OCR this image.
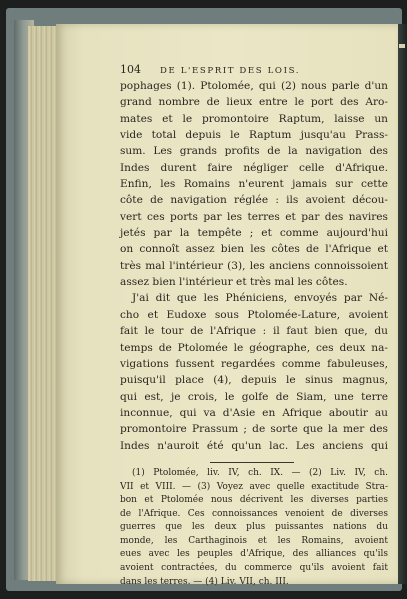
104	DE L'ESPRIT DES LOIS.
pophages (1). Ptolomée, qui (2) nous parle d'un
grand nombre de lieux entre le port des Aro-
mates et le promontoire Raptum, laisse un
vide total depuis le Raptum jusqu'au Prass-
sum. Les grands profits de la navigation des
Indes durent faire négliger celle d'Afrique.
Enfin, les Romains n'eurent jamais sur cette
côte de navigation réglée : ils avoient décou-
vert ces ports par les terres et par des navires
jetés par la tempête ; et comme aujourd'hui
on connoît assez bien les côtes de l'Afrique et
très mal l'intérieur (3), les anciens connoissoient
assez bien l'intérieur et très mal les côtes.
J'ai dit que les Phéniciens, envoyés par Né-
cho et Eudoxe sous Ptolomée-Lature, avoient
fait le tour de l'Afrique : il faut bien que, du
temps de Ptolomée le géographe, ces deux na-
vigations fussent regardées comme fabuleuses,
puisqu'il place (4), depuis le sinus magnus,
qui est, je crois, le golfe de Siam, une terre
inconnue, qui va d'Asie en Afrique aboutir au
promontoire Prassum ; de sorte que la mer des
Indes n'auroit été qu'un lac. Les anciens qui
(1) Ptolomée, liv. IV, ch. IX. — (2) Liv. IV, ch.
VII et VIII. — (3) Voyez avec quelle exactitude Stra-
bon et Ptolomée nous décrivent les diverses parties
de l'Afrique. Ces connoissances venoient de diverses
guerres que les deux plus puissantes nations du
monde, les Carthaginois et les Romains, avoient
eues avec les peuples d'Afrique, des alliances qu'ils
avoient contractées, du commerce qu'ils avoient fait
dans les terres. — (4) Liv. VII, ch. III.
